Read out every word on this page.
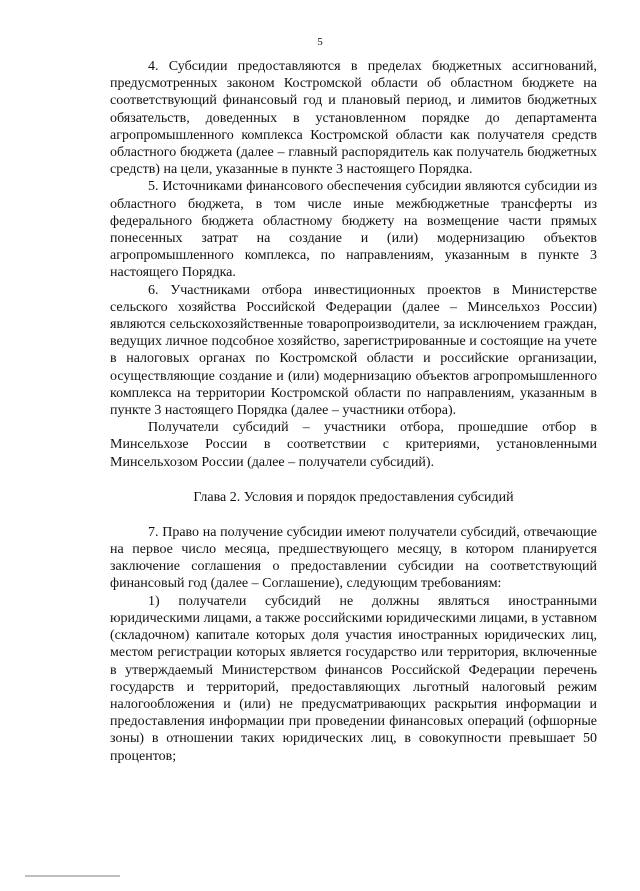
5

4. Субсидии предоставляются в пределах бюджетных ассигнований, предусмотренных законом Костромской области об областном бюджете на соответствующий финансовый год и плановый период, и лимитов бюджетных обязательств, доведенных в установленном порядке до департамента агропромышленного комплекса Костромской области как получателя средств областного бюджета (далее – главный распорядитель как получатель бюджетных средств) на цели, указанные в пункте 3 настоящего Порядка.

5. Источниками финансового обеспечения субсидии являются субсидии из областного бюджета, в том числе иные межбюджетные трансферты из федерального бюджета областному бюджету на возмещение части прямых понесенных затрат на создание и (или) модернизацию объектов агропромышленного комплекса, по направлениям, указанным в пункте 3 настоящего Порядка.

6. Участниками отбора инвестиционных проектов в Министерстве сельского хозяйства Российской Федерации (далее – Минсельхоз России) являются сельскохозяйственные товаропроизводители, за исключением граждан, ведущих личное подсобное хозяйство, зарегистрированные и состоящие на учете в налоговых органах по Костромской области и российские организации, осуществляющие создание и (или) модернизацию объектов агропромышленного комплекса на территории Костромской области по направлениям, указанным в пункте 3 настоящего Порядка (далее – участники отбора).

Получатели субсидий – участники отбора, прошедшие отбор в Минсельхозе России в соответствии с критериями, установленными Минсельхозом России (далее – получатели субсидий).

Глава 2. Условия и порядок предоставления субсидий

7. Право на получение субсидии имеют получатели субсидий, отвечающие на первое число месяца, предшествующего месяцу, в котором планируется заключение соглашения о предоставлении субсидии на соответствующий финансовый год (далее – Соглашение), следующим требованиям:

1) получатели субсидий не должны являться иностранными юридическими лицами, а также российскими юридическими лицами, в уставном (складочном) капитале которых доля участия иностранных юридических лиц, местом регистрации которых является государство или территория, включенные в утверждаемый Министерством финансов Российской Федерации перечень государств и территорий, предоставляющих льготный налоговый режим налогообложения и (или) не предусматривающих раскрытия информации и предоставления информации при проведении финансовых операций (офшорные зоны) в отношении таких юридических лиц, в совокупности превышает 50 процентов;
